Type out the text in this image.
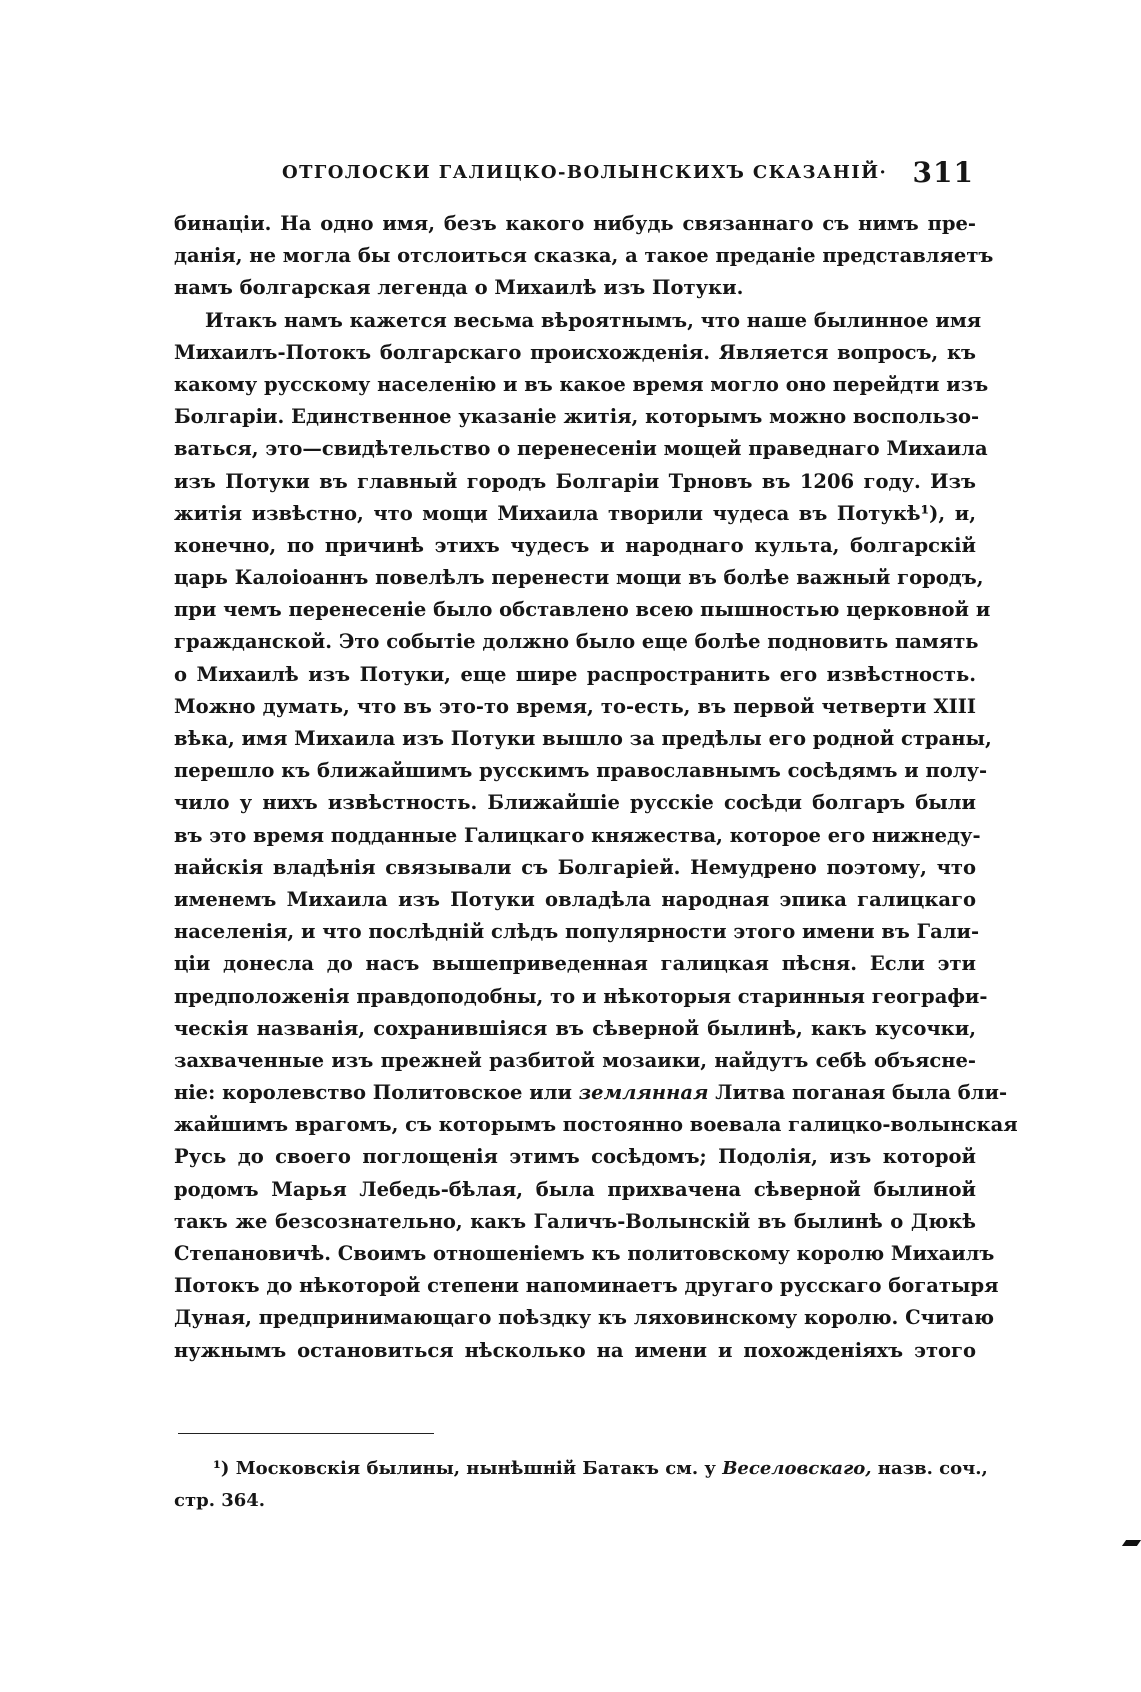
ОТГОЛОСКИ ГАЛИЦКО-ВОЛЫНСКИХЪ СКАЗАНІЙ· 311
бинаціи. На одно имя, безъ какого нибудь связаннаго съ нимъ пре-
данія, не могла бы отслоиться сказка, а такое преданіе представляетъ
намъ болгарская легенда о Михаилѣ изъ Потуки.
Итакъ намъ кажется весьма вѣроятнымъ, что наше былинное имя
Михаилъ-Потокъ болгарскаго происхожденія. Является вопросъ, къ
какому русскому населенію и въ какое время могло оно перейдти изъ
Болгаріи. Единственное указаніе житія, которымъ можно воспользо-
ваться, это—свидѣтельство о перенесеніи мощей праведнаго Михаила
изъ Потуки въ главный городъ Болгаріи Трновъ въ 1206 году. Изъ
житія извѣстно, что мощи Михаила творили чудеса въ Потукѣ¹), и,
конечно, по причинѣ этихъ чудесъ и народнаго культа, болгарскій
царь Калоіоаннъ повелѣлъ перенести мощи въ болѣе важный городъ,
при чемъ перенесеніе было обставлено всею пышностью церковной и
гражданской. Это событіе должно было еще болѣе подновить память
о Михаилѣ изъ Потуки, еще шире распространить его извѣстность.
Можно думать, что въ это-то время, то-есть, въ первой четверти XIII
вѣка, имя Михаила изъ Потуки вышло за предѣлы его родной страны,
перешло къ ближайшимъ русскимъ православнымъ сосѣдямъ и полу-
чило у нихъ извѣстность. Ближайшіе русскіе сосѣди болгаръ были
въ это время подданные Галицкаго княжества, которое его нижнеду-
найскія владѣнія связывали съ Болгаріей. Немудрено поэтому, что
именемъ Михаила изъ Потуки овладѣла народная эпика галицкаго
населенія, и что послѣдній слѣдъ популярности этого имени въ Гали-
ціи донесла до насъ вышеприведенная галицкая пѣсня. Если эти
предположенія правдоподобны, то и нѣкоторыя старинныя географи-
ческія названія, сохранившіяся въ сѣверной былинѣ, какъ кусочки,
захваченные изъ прежней разбитой мозаики, найдутъ себѣ объясне-
ніе: королевство Политовское или землянная Литва поганая была бли-
жайшимъ врагомъ, съ которымъ постоянно воевала галицко-волынская
Русь до своего поглощенія этимъ сосѣдомъ; Подолія, изъ которой
родомъ Марья Лебедь-бѣлая, была прихвачена сѣверной былиной
такъ же безсознательно, какъ Галичъ-Волынскій въ былинѣ о Дюкѣ
Степановичѣ. Своимъ отношеніемъ къ политовскому королю Михаилъ
Потокъ до нѣкоторой степени напоминаетъ другаго русскаго богатыря
Дуная, предпринимающаго поѣздку къ ляховинскому королю. Считаю
нужнымъ остановиться нѣсколько на имени и похожденіяхъ этого
¹) Московскія былины, нынѣшній Батакъ см. у Веселовскаго, назв. соч.,
стр. 364.
